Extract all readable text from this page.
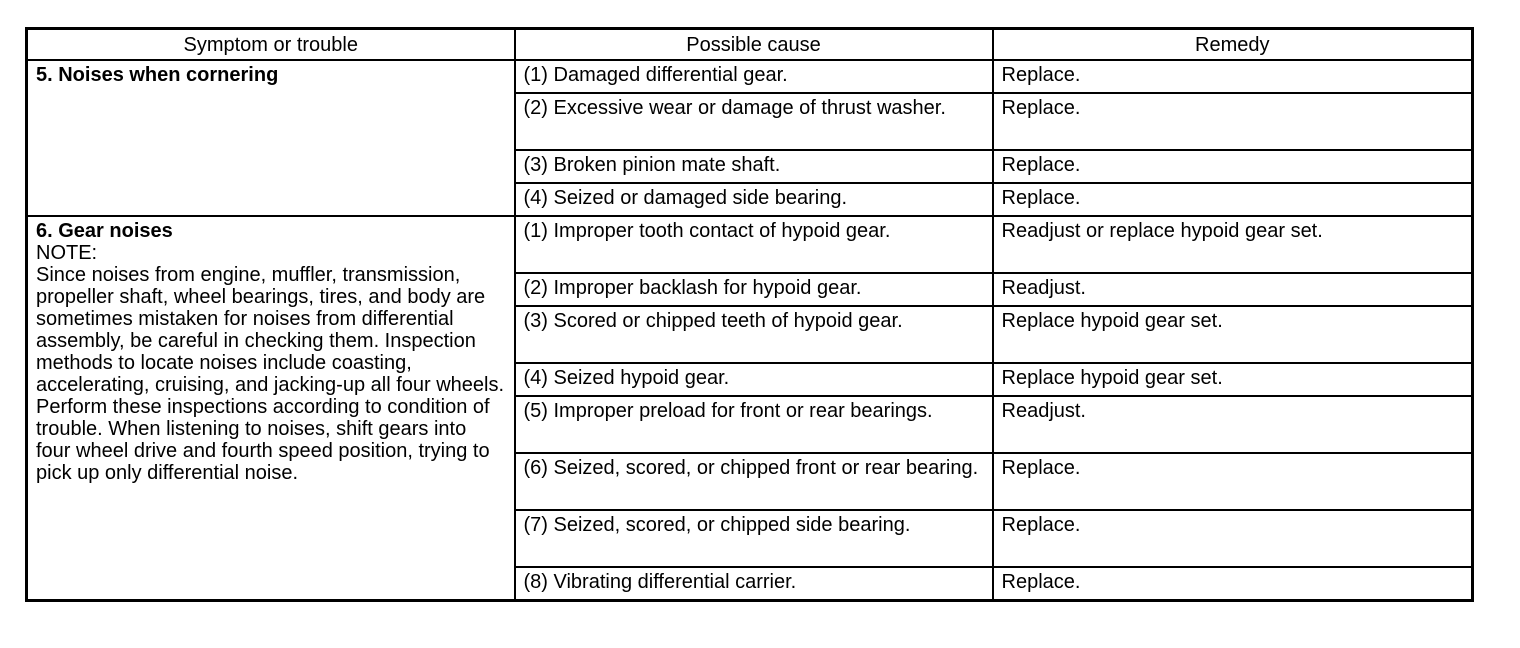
Symptom or trouble	Possible cause	Remedy

5. Noises when cornering	(1) Damaged differential gear.	Replace.
	(2) Excessive wear or damage of thrust washer.	Replace.
	(3) Broken pinion mate shaft.	Replace.
	(4) Seized or damaged side bearing.	Replace.

6. Gear noises
NOTE:
Since noises from engine, muffler, transmission, propeller shaft, wheel bearings, tires, and body are sometimes mistaken for noises from differential assembly, be careful in checking them. Inspection methods to locate noises include coasting, accelerating, cruising, and jacking-up all four wheels. Perform these inspections according to condition of trouble. When listening to noises, shift gears into four wheel drive and fourth speed position, trying to pick up only differential noise.	(1) Improper tooth contact of hypoid gear.	Readjust or replace hypoid gear set.
	(2) Improper backlash for hypoid gear.	Readjust.
	(3) Scored or chipped teeth of hypoid gear.	Replace hypoid gear set.
	(4) Seized hypoid gear.	Replace hypoid gear set.
	(5) Improper preload for front or rear bearings.	Readjust.
	(6) Seized, scored, or chipped front or rear bearing.	Replace.
	(7) Seized, scored, or chipped side bearing.	Replace.
	(8) Vibrating differential carrier.	Replace.
